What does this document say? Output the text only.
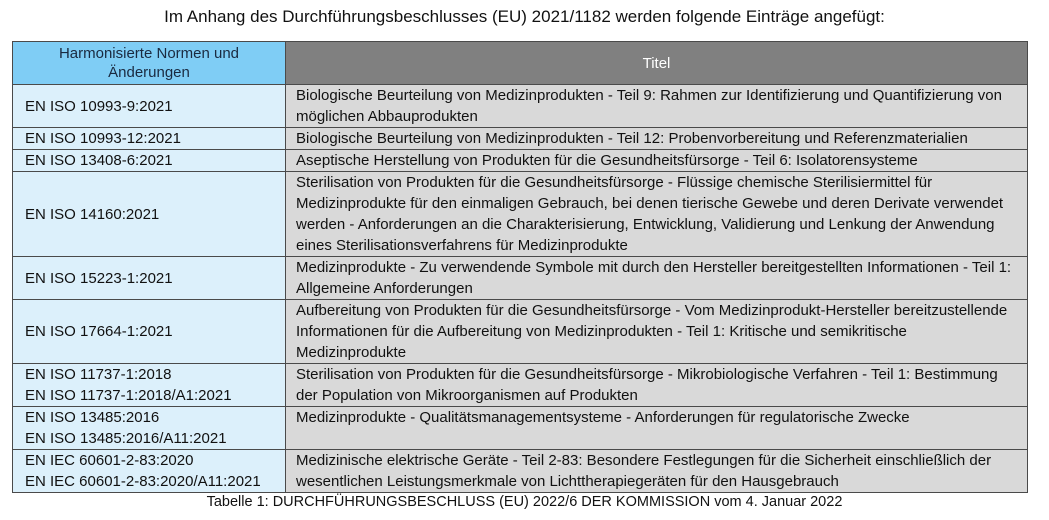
Im Anhang des Durchführungsbeschlusses (EU) 2021/1182 werden folgende Einträge angefügt:
Harmonisierte Normen und Änderungen	Titel

EN ISO 10993-9:2021	Biologische Beurteilung von Medizinprodukten - Teil 9: Rahmen zur Identifizierung und Quantifizierung von möglichen Abbauprodukten

EN ISO 10993-12:2021	Biologische Beurteilung von Medizinprodukten - Teil 12: Probenvorbereitung und Referenzmaterialien

EN ISO 13408-6:2021	Aseptische Herstellung von Produkten für die Gesundheitsfürsorge - Teil 6: Isolatorensysteme

EN ISO 14160:2021	Sterilisation von Produkten für die Gesundheitsfürsorge - Flüssige chemische Sterilisiermittel für Medizinprodukte für den einmaligen Gebrauch, bei denen tierische Gewebe und deren Derivate verwendet werden - Anforderungen an die Charakterisierung, Entwicklung, Validierung und Lenkung der Anwendung eines Sterilisationsverfahrens für Medizinprodukte

EN ISO 15223-1:2021	Medizinprodukte - Zu verwendende Symbole mit durch den Hersteller bereitgestellten Informationen - Teil 1: Allgemeine Anforderungen

EN ISO 17664-1:2021	Aufbereitung von Produkten für die Gesundheitsfürsorge - Vom Medizinprodukt-Hersteller bereitzustellende Informationen für die Aufbereitung von Medizinprodukten - Teil 1: Kritische und semikritische Medizinprodukte

EN ISO 11737-1:2018
EN ISO 11737-1:2018/A1:2021	Sterilisation von Produkten für die Gesundheitsfürsorge - Mikrobiologische Verfahren - Teil 1: Bestimmung der Population von Mikroorganismen auf Produkten

EN ISO 13485:2016
EN ISO 13485:2016/A11:2021	Medizinprodukte - Qualitätsmanagementsysteme - Anforderungen für regulatorische Zwecke

EN IEC 60601-2-83:2020
EN IEC 60601-2-83:2020/A11:2021	Medizinische elektrische Geräte - Teil 2-83: Besondere Festlegungen für die Sicherheit einschließlich der wesentlichen Leistungsmerkmale von Lichttherapiegeräten für den Hausgebrauch
Tabelle 1: DURCHFÜHRUNGSBESCHLUSS (EU) 2022/6 DER KOMMISSION vom 4. Januar 2022
